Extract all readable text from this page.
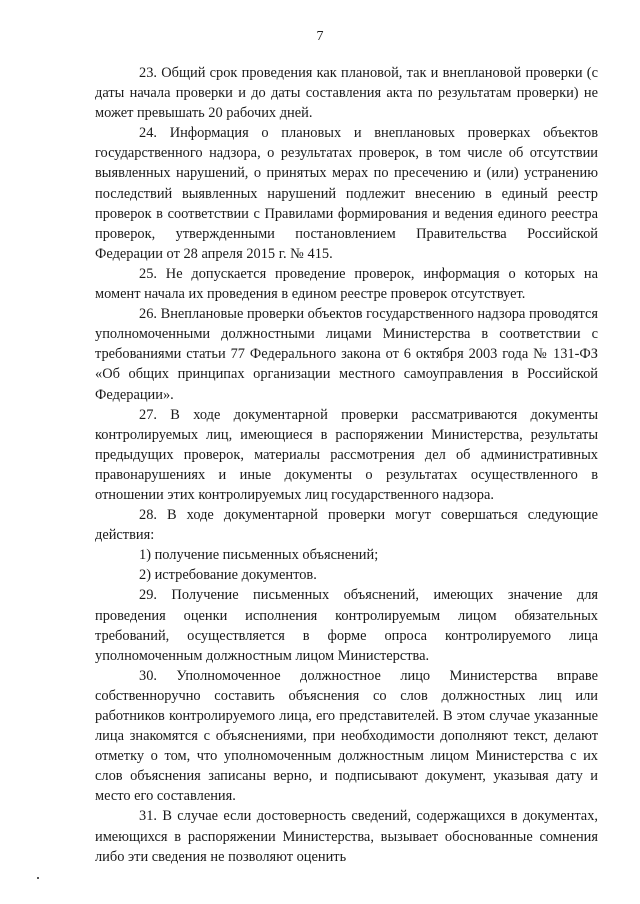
7

23. Общий срок проведения как плановой, так и внеплановой проверки (с даты начала проверки и до даты составления акта по результатам проверки) не может превышать 20 рабочих дней.

24. Информация о плановых и внеплановых проверках объектов государственного надзора, о результатах проверок, в том числе об отсутствии выявленных нарушений, о принятых мерах по пресечению и (или) устранению последствий выявленных нарушений подлежит внесению в единый реестр проверок в соответствии с Правилами формирования и ведения единого реестра проверок, утвержденными постановлением Правительства Российской Федерации от 28 апреля 2015 г. № 415.

25. Не допускается проведение проверок, информация о которых на момент начала их проведения в едином реестре проверок отсутствует.

26. Внеплановые проверки объектов государственного надзора проводятся уполномоченными должностными лицами Министерства в соответствии с требованиями статьи 77 Федерального закона от 6 октября 2003 года № 131-ФЗ «Об общих принципах организации местного самоуправления в Российской Федерации».

27. В ходе документарной проверки рассматриваются документы контролируемых лиц, имеющиеся в распоряжении Министерства, результаты предыдущих проверок, материалы рассмотрения дел об административных правонарушениях и иные документы о результатах осуществленного в отношении этих контролируемых лиц государственного надзора.

28. В ходе документарной проверки могут совершаться следующие действия:

1) получение письменных объяснений;

2) истребование документов.

29. Получение письменных объяснений, имеющих значение для проведения оценки исполнения контролируемым лицом обязательных требований, осуществляется в форме опроса контролируемого лица уполномоченным должностным лицом Министерства.

30. Уполномоченное должностное лицо Министерства вправе собственноручно составить объяснения со слов должностных лиц или работников контролируемого лица, его представителей. В этом случае указанные лица знакомятся с объяснениями, при необходимости дополняют текст, делают отметку о том, что уполномоченным должностным лицом Министерства с их слов объяснения записаны верно, и подписывают документ, указывая дату и место его составления.

31. В случае если достоверность сведений, содержащихся в документах, имеющихся в распоряжении Министерства, вызывает обоснованные сомнения либо эти сведения не позволяют оценить
